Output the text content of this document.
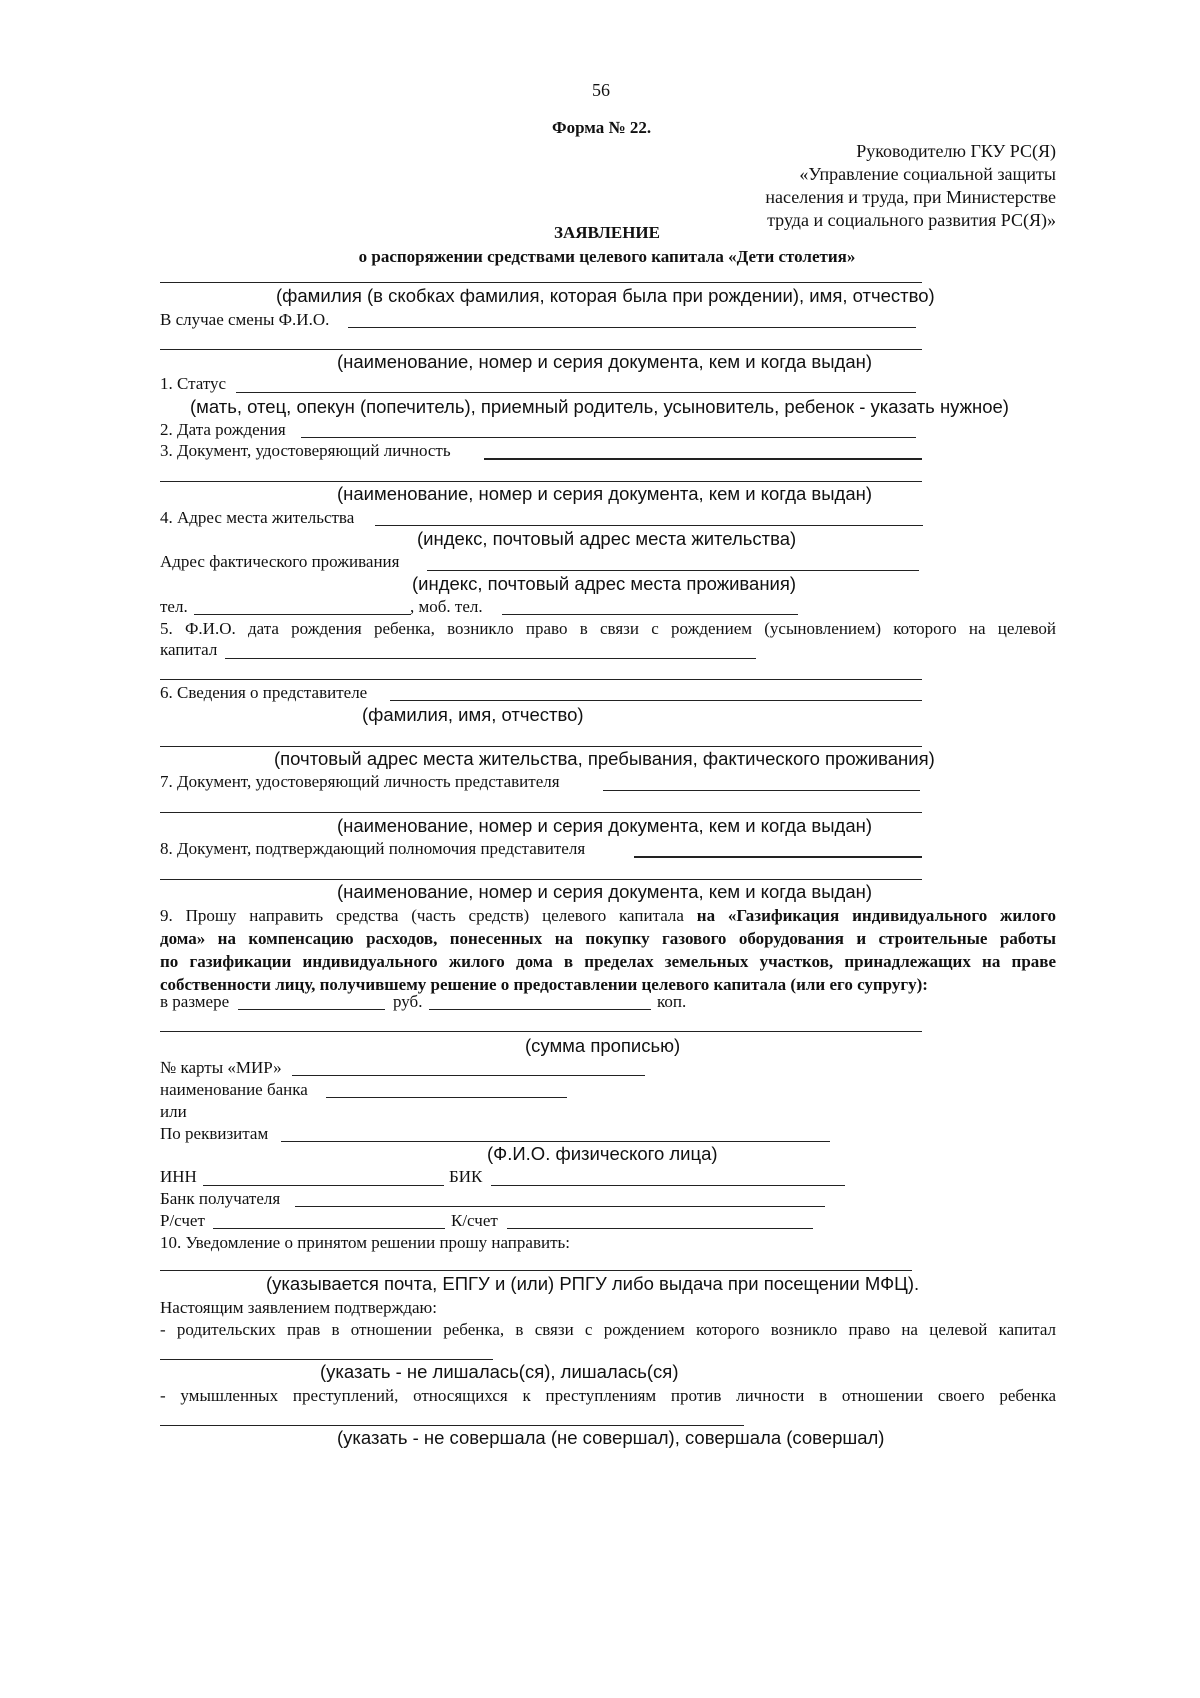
56
Форма № 22.
Руководителю ГКУ РС(Я)
«Управление социальной защиты
населения и труда, при Министерстве
труда и социального развития РС(Я)»
ЗАЯВЛЕНИЕ
о распоряжении средствами целевого капитала «Дети столетия»
(фамилия (в скобках фамилия, которая была при рождении), имя, отчество)
В случае смены Ф.И.О.
(наименование, номер и серия документа, кем и когда выдан)
1. Статус
(мать, отец, опекун (попечитель), приемный родитель, усыновитель, ребенок - указать нужное)
2. Дата рождения
3. Документ, удостоверяющий личность
(наименование, номер и серия документа, кем и когда выдан)
4. Адрес места жительства
(индекс, почтовый адрес места жительства)
Адрес фактического проживания
(индекс, почтовый адрес места проживания)
тел.	, моб. тел.
5. Ф.И.О. дата рождения ребенка, возникло право в связи с рождением (усыновлением) которого на целевой
капитал
6. Сведения о представителе
(фамилия, имя, отчество)
(почтовый адрес места жительства, пребывания, фактического проживания)
7. Документ, удостоверяющий личность представителя
(наименование, номер и серия документа, кем и когда выдан)
8. Документ, подтверждающий полномочия представителя
(наименование, номер и серия документа, кем и когда выдан)
9. Прошу направить средства (часть средств) целевого капитала на «Газификация индивидуального жилого
дома» на компенсацию расходов, понесенных на покупку газового оборудования и строительные работы
по газификации индивидуального жилого дома в пределах земельных участков, принадлежащих на праве
собственности лицу, получившему решение о предоставлении целевого капитала (или его супругу):
в размере	руб.	коп.
(сумма прописью)
№ карты «МИР»
наименование банка
или
По реквизитам
(Ф.И.О. физического лица)
ИНН	БИК
Банк получателя
Р/счет	К/счет
10. Уведомление о принятом решении прошу направить:
(указывается почта, ЕПГУ и (или) РПГУ либо выдача при посещении МФЦ).
Настоящим заявлением подтверждаю:
- родительских прав в отношении ребенка, в связи с рождением которого возникло право на целевой капитал
(указать - не лишалась(ся), лишалась(ся)
- умышленных преступлений, относящихся к преступлениям против личности в отношении своего ребенка
(указать - не совершала (не совершал), совершала (совершал)
